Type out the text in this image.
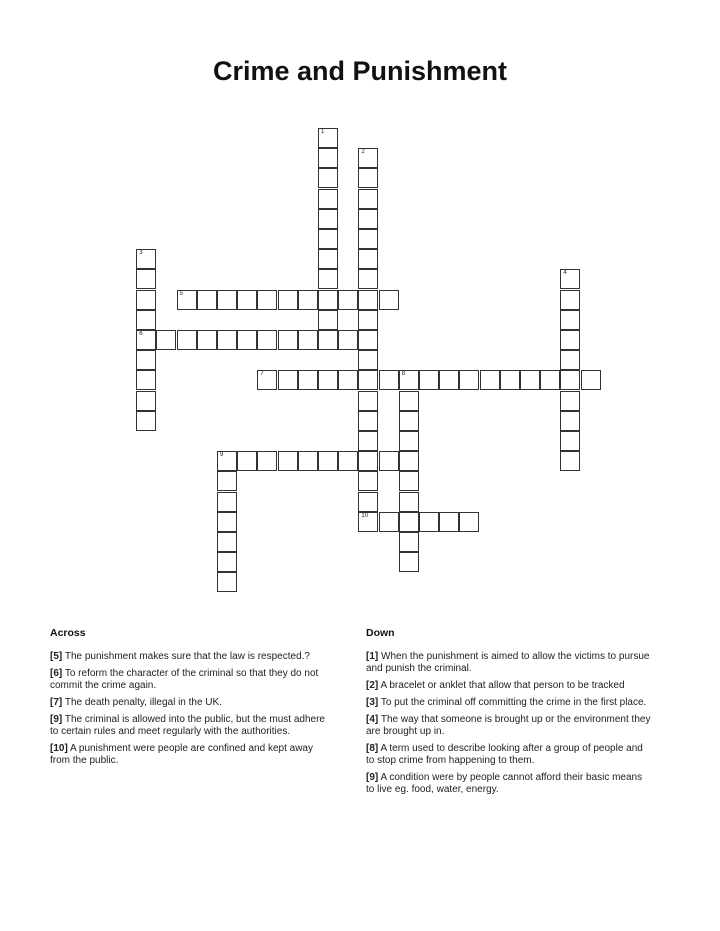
Crime and Punishment
1
2
3
6
4
5
7	8
9
10
Across
[5] The punishment makes sure that the law is respected.?
[6] To reform the character of the criminal so that they do not commit the crime again.
[7] The death penalty, illegal in the UK.
[9] The criminal is allowed into the public, but the must adhere to certain rules and meet regularly with the authorities.
[10] A punishment were people are confined and kept away from the public.
Down
[1] When the punishment is aimed to allow the victims to pursue and punish the criminal.
[2] A bracelet or anklet that allow that person to be tracked
[3] To put the criminal off committing the crime in the first place.
[4] The way that someone is brought up or the environment they are brought up in.
[8] A term used to describe looking after a group of people and to stop crime from happening to them.
[9] A condition were by people cannot afford their basic means to live eg. food, water, energy.
